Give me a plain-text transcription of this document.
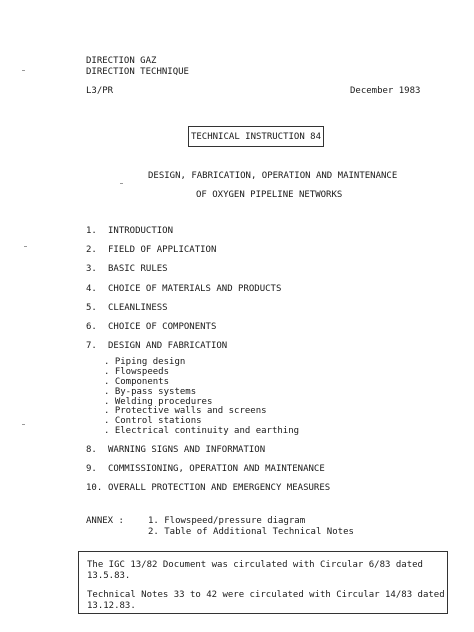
DIRECTION GAZ
DIRECTION TECHNIQUE
L3/PR	December 1983
TECHNICAL INSTRUCTION 84
DESIGN, FABRICATION, OPERATION AND MAINTENANCE
OF OXYGEN PIPELINE NETWORKS
1.	INTRODUCTION
2.	FIELD OF APPLICATION
3.	BASIC RULES
4.	CHOICE OF MATERIALS AND PRODUCTS
5.	CLEANLINESS
6.	CHOICE OF COMPONENTS
7.	DESIGN AND FABRICATION
. Piping design
. Flowspeeds
. Components
. By-pass systems
. Welding procedures
. Protective walls and screens
. Control stations
. Electrical continuity and earthing
8.	WARNING SIGNS AND INFORMATION
9.	COMMISSIONING, OPERATION AND MAINTENANCE
10. OVERALL PROTECTION AND EMERGENCY MEASURES
ANNEX :	1. Flowspeed/pressure diagram
2. Table of Additional Technical Notes

The IGC 13/82 Document was circulated with Circular 6/83 dated 13.5.83.

Technical Notes 33 to 42 were circulated with Circular 14/83 dated
13.12.83.
